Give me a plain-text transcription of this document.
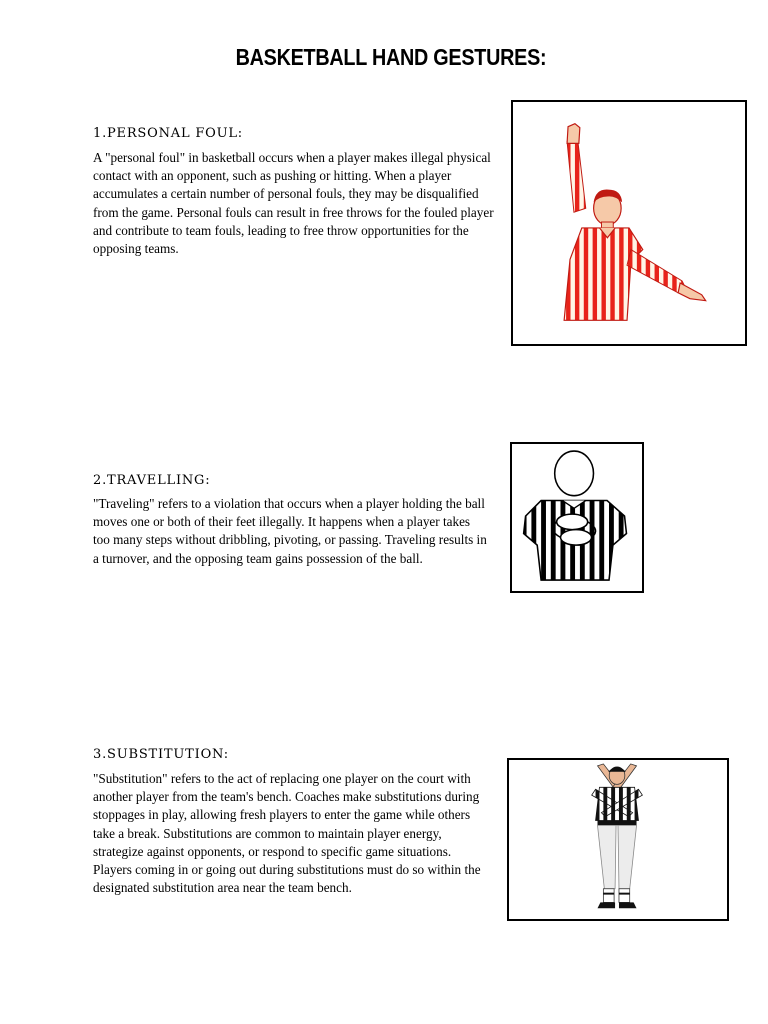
BASKETBALL HAND GESTURES:
1.PERSONAL FOUL:

A "personal foul" in basketball occurs when a player makes illegal physical contact with an opponent, such as pushing or hitting. When a player accumulates a certain number of personal fouls, they may be disqualified from the game. Personal fouls can result in free throws for the fouled player and contribute to team fouls, leading to free throw opportunities for the opposing teams.

2.TRAVELLING:

"Traveling" refers to a violation that occurs when a player holding the ball moves one or both of their feet illegally. It happens when a player takes too many steps without dribbling, pivoting, or passing. Traveling results in a turnover, and the opposing team gains possession of the ball.

3.SUBSTITUTION:

"Substitution" refers to the act of replacing one player on the court with another player from the team's bench. Coaches make substitutions during stoppages in play, allowing fresh players to enter the game while others take a break. Substitutions are common to maintain player energy, strategize against opponents, or respond to specific game situations. Players coming in or going out during substitutions must do so within the designated substitution area near the team bench.
